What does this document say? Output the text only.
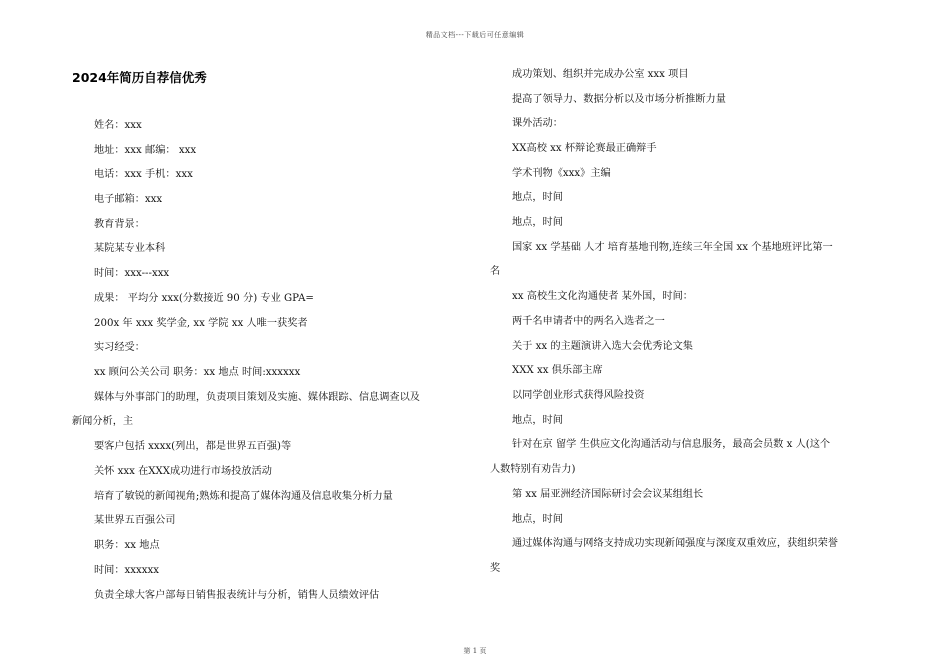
精品文档---下载后可任意编辑
2024年简历自荐信优秀
姓名：xxx
地址：xxx 邮编： xxx
电话：xxx 手机：xxx
电子邮箱：xxx
教育背景：
某院某专业本科
时间：xxx---xxx
成果： 平均分 xxx(分数接近 90 分) 专业 GPA=
200x 年 xxx 奖学金, xx 学院 xx 人唯一获奖者
实习经受：
xx 顾问公关公司 职务：xx 地点 时间:xxxxxx
媒体与外事部门的助理，负责项目策划及实施、媒体跟踪、信息调查以及
新闻分析，主
要客户包括 xxxx(列出，都是世界五百强)等
关怀 xxx 在XXX成功进行市场投放活动
培育了敏锐的新闻视角;熟炼和提高了媒体沟通及信息收集分析力量
某世界五百强公司
职务：xx 地点
时间：xxxxxx
负责全球大客户部每日销售报表统计与分析，销售人员绩效评估
成功策划、组织并完成办公室 xxx 项目
提高了领导力、数据分析以及市场分析推断力量
课外活动：
XX高校 xx 杯辩论赛最正确辩手
学术刊物《xxx》主编
地点，时间
地点，时间
国家 xx 学基础 人才 培育基地刊物,连续三年全国 xx 个基地班评比第一
名
xx 高校生文化沟通使者 某外国，时间：
两千名申请者中的两名入选者之一
关于 xx 的主题演讲入选大会优秀论文集
XXX xx 俱乐部主席
以同学创业形式获得风险投资
地点，时间
针对在京 留学 生供应文化沟通活动与信息服务，最高会员数 x 人(这个
人数特别有劝告力)
第 xx 届亚洲经济国际研讨会会议某组组长
地点，时间
通过媒体沟通与网络支持成功实现新闻强度与深度双重效应，获组织荣誉
奖
第 1 页
